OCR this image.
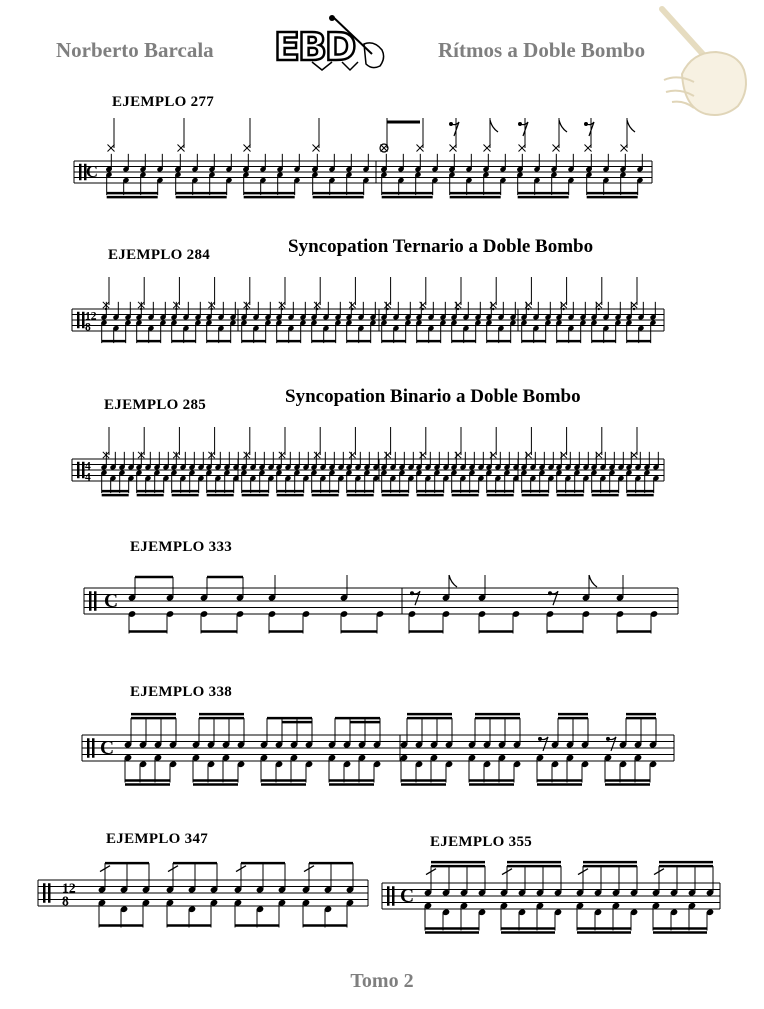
Norberto Barcala EBD	Rítmos a Doble Bombo
EJEMPLO 277
EJEMPLO 284	Syncopation Ternario a Doble Bombo
EJEMPLO 285	Syncopation Binario a Doble Bombo
EJEMPLO 333
EJEMPLO 338
EJEMPLO 347	EJEMPLO 355
C
12
8
4
4
C
C
12
8	C
Tomo 2
